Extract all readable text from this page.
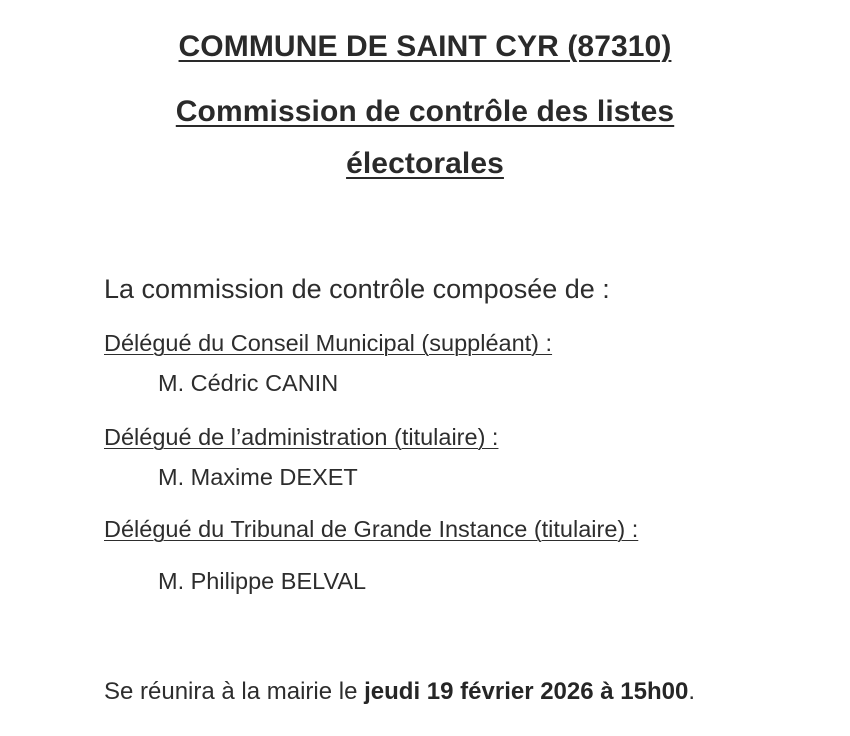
COMMUNE DE SAINT CYR (87310)
Commission de contrôle des listes
électorales
La commission de contrôle composée de :
Délégué du Conseil Municipal (suppléant) :
M. Cédric CANIN
Délégué de l’administration (titulaire) :
M. Maxime DEXET
Délégué du Tribunal de Grande Instance (titulaire) :
M. Philippe BELVAL
Se réunira à la mairie le jeudi 19 février 2026 à 15h00.
